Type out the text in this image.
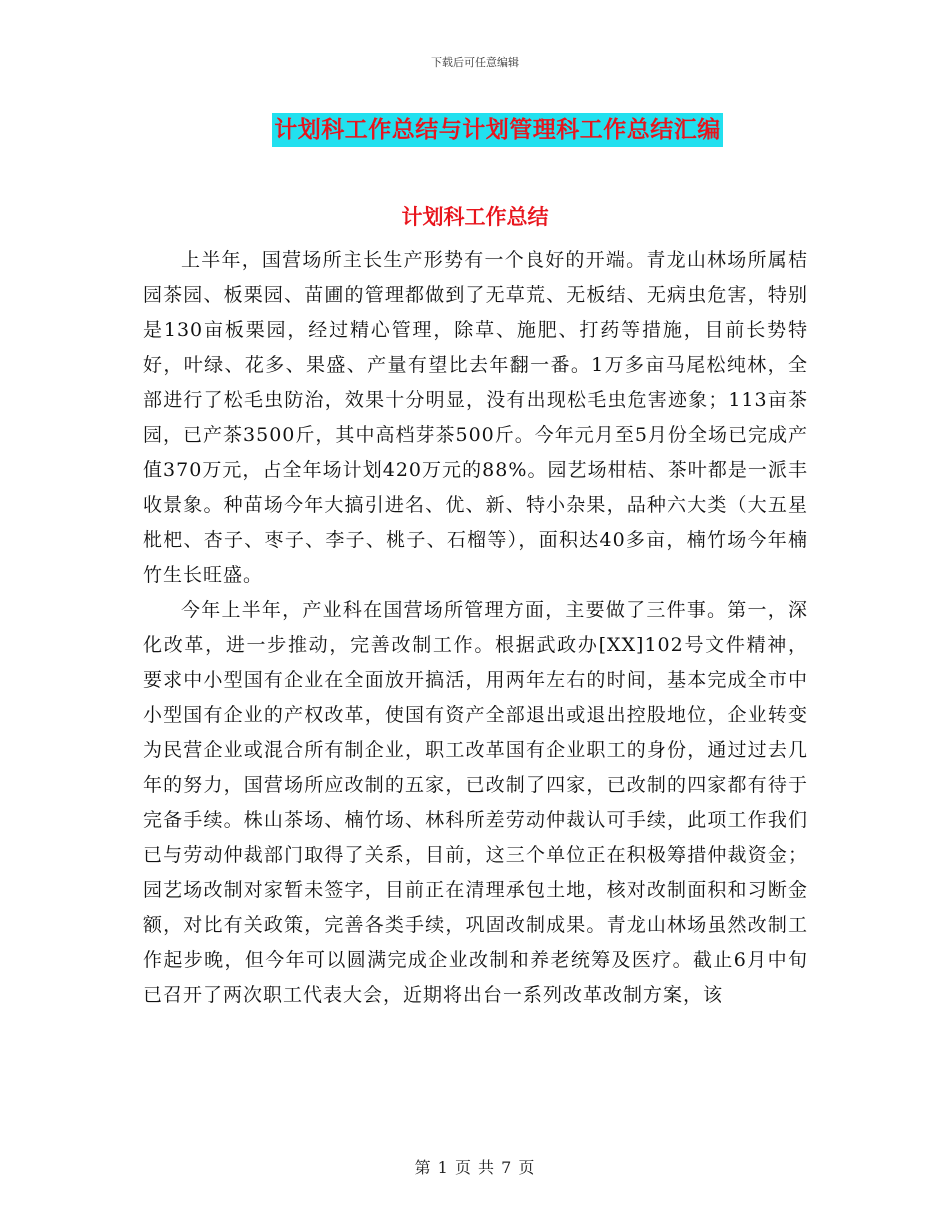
下载后可任意编辑
计划科工作总结与计划管理科工作总结汇编
计划科工作总结

上半年，国营场所主长生产形势有一个良好的开端。青龙山林场所属桔园茶园、板栗园、苗圃的管理都做到了无草荒、无板结、无病虫危害，特别是130亩板栗园，经过精心管理，除草、施肥、打药等措施，目前长势特好，叶绿、花多、果盛、产量有望比去年翻一番。1万多亩马尾松纯林，全部进行了松毛虫防治，效果十分明显，没有出现松毛虫危害迹象；113亩茶园，已产茶3500斤，其中高档芽茶500斤。今年元月至5月份全场已完成产值370万元，占全年场计划420万元的88%。园艺场柑桔、茶叶都是一派丰收景象。种苗场今年大搞引进名、优、新、特小杂果，品种六大类（大五星枇杷、杏子、枣子、李子、桃子、石榴等），面积达40多亩，楠竹场今年楠竹生长旺盛。

今年上半年，产业科在国营场所管理方面，主要做了三件事。第一，深化改革，进一步推动，完善改制工作。根据武政办[XX]102号文件精神，要求中小型国有企业在全面放开搞活，用两年左右的时间，基本完成全市中小型国有企业的产权改革，使国有资产全部退出或退出控股地位，企业转变为民营企业或混合所有制企业，职工改革国有企业职工的身份，通过过去几年的努力，国营场所应改制的五家，已改制了四家，已改制的四家都有待于完备手续。株山茶场、楠竹场、林科所差劳动仲裁认可手续，此项工作我们已与劳动仲裁部门取得了关系，目前，这三个单位正在积极筹措仲裁资金；园艺场改制对家暂未签字，目前正在清理承包土地，核对改制面积和习断金额，对比有关政策，完善各类手续，巩固改制成果。青龙山林场虽然改制工作起步晚，但今年可以圆满完成企业改制和养老统筹及医疗。截止6月中旬已召开了两次职工代表大会，近期将出台一系列改革改制方案，该

第 1 页 共 7 页
